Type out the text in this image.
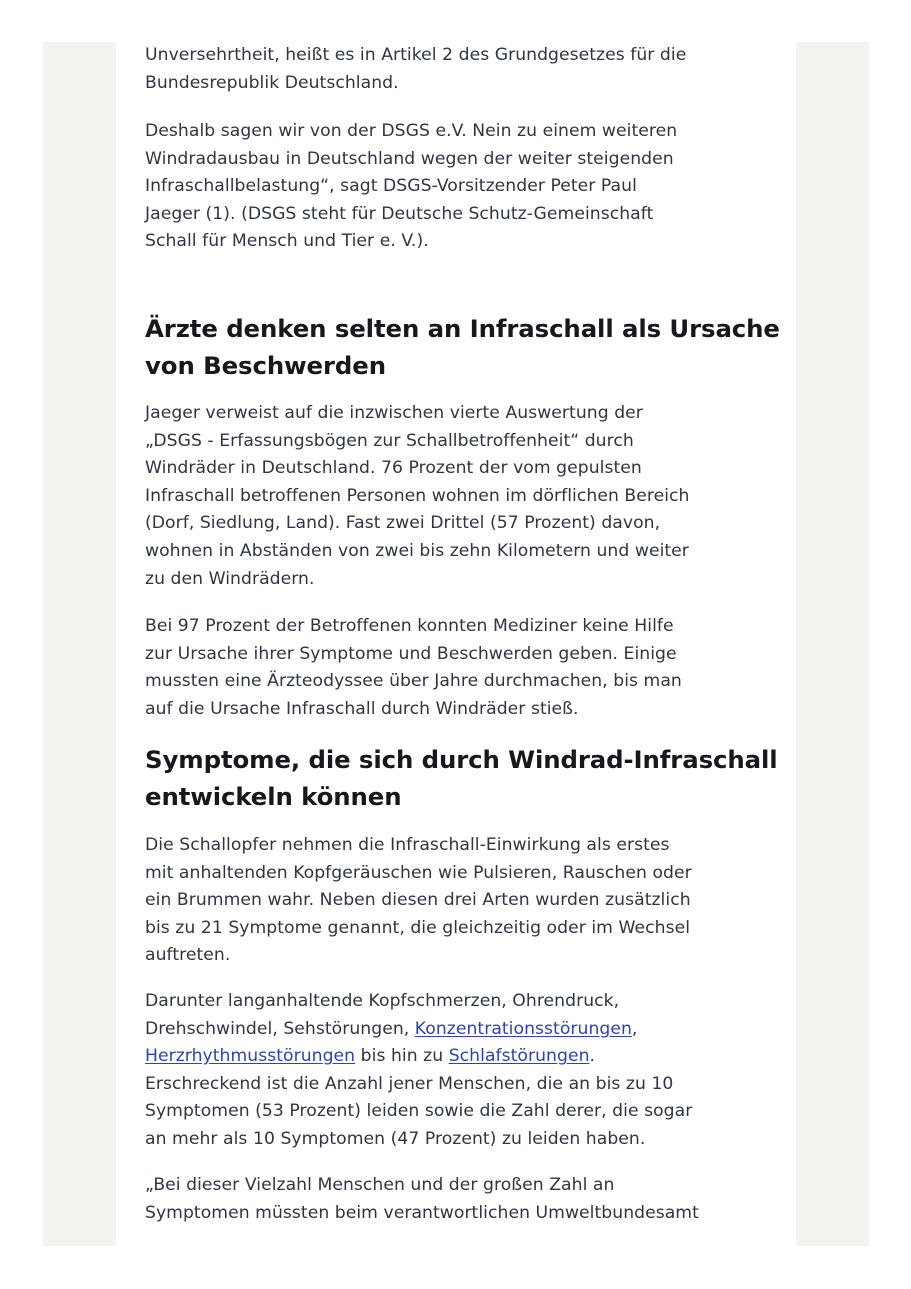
Unversehrtheit, heißt es in Artikel 2 des Grundgesetzes für die
Bundesrepublik Deutschland.

Deshalb sagen wir von der DSGS e.V. Nein zu einem weiteren
Windradausbau in Deutschland wegen der weiter steigenden
Infraschallbelastung“, sagt DSGS-Vorsitzender Peter Paul
Jaeger (1). (DSGS steht für Deutsche Schutz-Gemeinschaft
Schall für Mensch und Tier e. V.).

Ärzte denken selten an Infraschall als Ursache
von Beschwerden

Jaeger verweist auf die inzwischen vierte Auswertung der
„DSGS - Erfassungsbögen zur Schallbetroffenheit“ durch
Windräder in Deutschland. 76 Prozent der vom gepulsten
Infraschall betroffenen Personen wohnen im dörflichen Bereich
(Dorf, Siedlung, Land). Fast zwei Drittel (57 Prozent) davon,
wohnen in Abständen von zwei bis zehn Kilometern und weiter
zu den Windrädern.

Bei 97 Prozent der Betroffenen konnten Mediziner keine Hilfe
zur Ursache ihrer Symptome und Beschwerden geben. Einige
mussten eine Ärzteodyssee über Jahre durchmachen, bis man
auf die Ursache Infraschall durch Windräder stieß.

Symptome, die sich durch Windrad-Infraschall
entwickeln können

Die Schallopfer nehmen die Infraschall-Einwirkung als erstes
mit anhaltenden Kopfgeräuschen wie Pulsieren, Rauschen oder
ein Brummen wahr. Neben diesen drei Arten wurden zusätzlich
bis zu 21 Symptome genannt, die gleichzeitig oder im Wechsel
auftreten.

Darunter langanhaltende Kopfschmerzen, Ohrendruck,
Drehschwindel, Sehstörungen, Konzentrationsstörungen,
Herzrhythmusstörungen bis hin zu Schlafstörungen.
Erschreckend ist die Anzahl jener Menschen, die an bis zu 10
Symptomen (53 Prozent) leiden sowie die Zahl derer, die sogar
an mehr als 10 Symptomen (47 Prozent) zu leiden haben.

„Bei dieser Vielzahl Menschen und der großen Zahl an
Symptomen müssten beim verantwortlichen Umweltbundesamt
